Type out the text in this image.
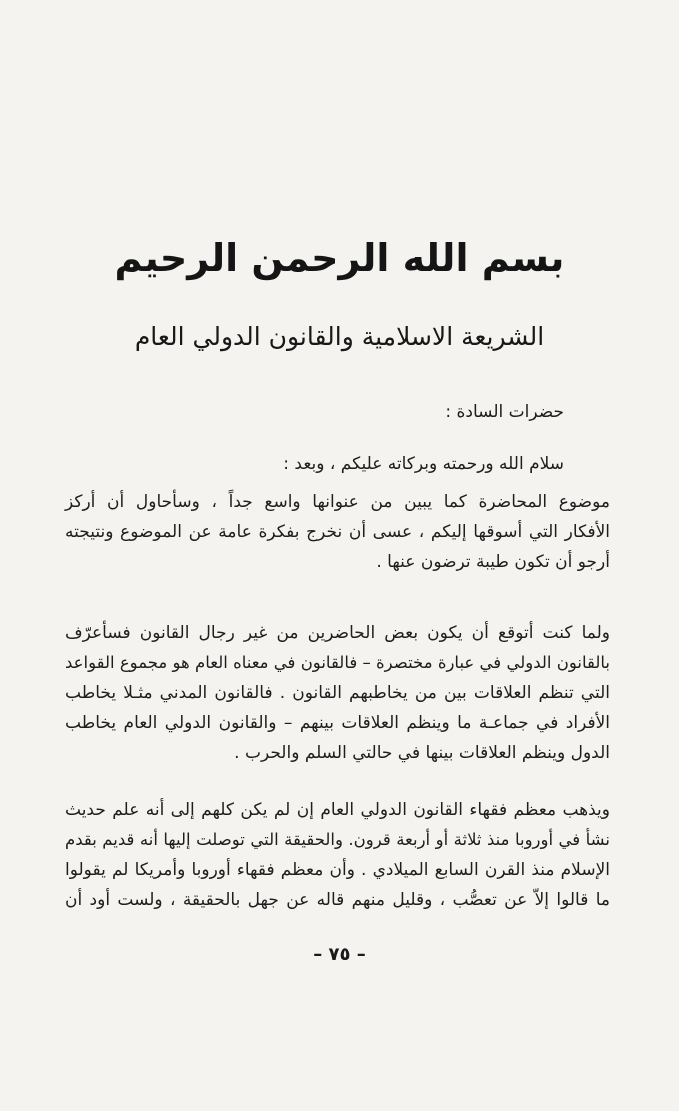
بسم الله الرحمن الرحيم
الشريعة الاسلامية والقانون الدولي العام
حضرات السادة :
سلام الله ورحمته وبركاته عليكم ، وبعد :
موضوع المحاضرة كما يبين من عنوانها واسع جداً ، وسأحاول أن أركز
الأفكار التي أسوقها إليكم ، عسى أن نخرج بفكرة عامة عن الموضوع ونتيجته
أرجو أن تكون طيبة ترضون عنها .
ولما كنت أتوقع أن يكون بعض الحاضرين من غير رجال القانون فسأعرّف
بالقانون الدولي في عبارة مختصرة – فالقانون في معناه العام هو مجموع القواعد
التي تنظم العلاقات بين من يخاطبهم القانون . فالقانون المدني مثـلا يخاطب
الأفراد في جماعـة ما وينظم العلاقات بينهم – والقانون الدولي العام يخاطب
الدول وينظم العلاقات بينها في حالتي السلم والحرب .
ويذهب معظم فقهاء القانون الدولي العام إن لم يكن كلهم إلى أنه علم حديث
نشأ في أوروبا منذ ثلاثة أو أربعة قرون. والحقيقة التي توصلت إليها أنه قديم بقدم
الإسلام منذ القرن السابع الميلادي . وأن معظم فقهاء أوروبا وأمريكا لم يقولوا
ما قالوا إلاّ عن تعصُّب ، وقليل منهم قاله عن جهل بالحقيقة ، ولست أود أن
– ٧٥ –
